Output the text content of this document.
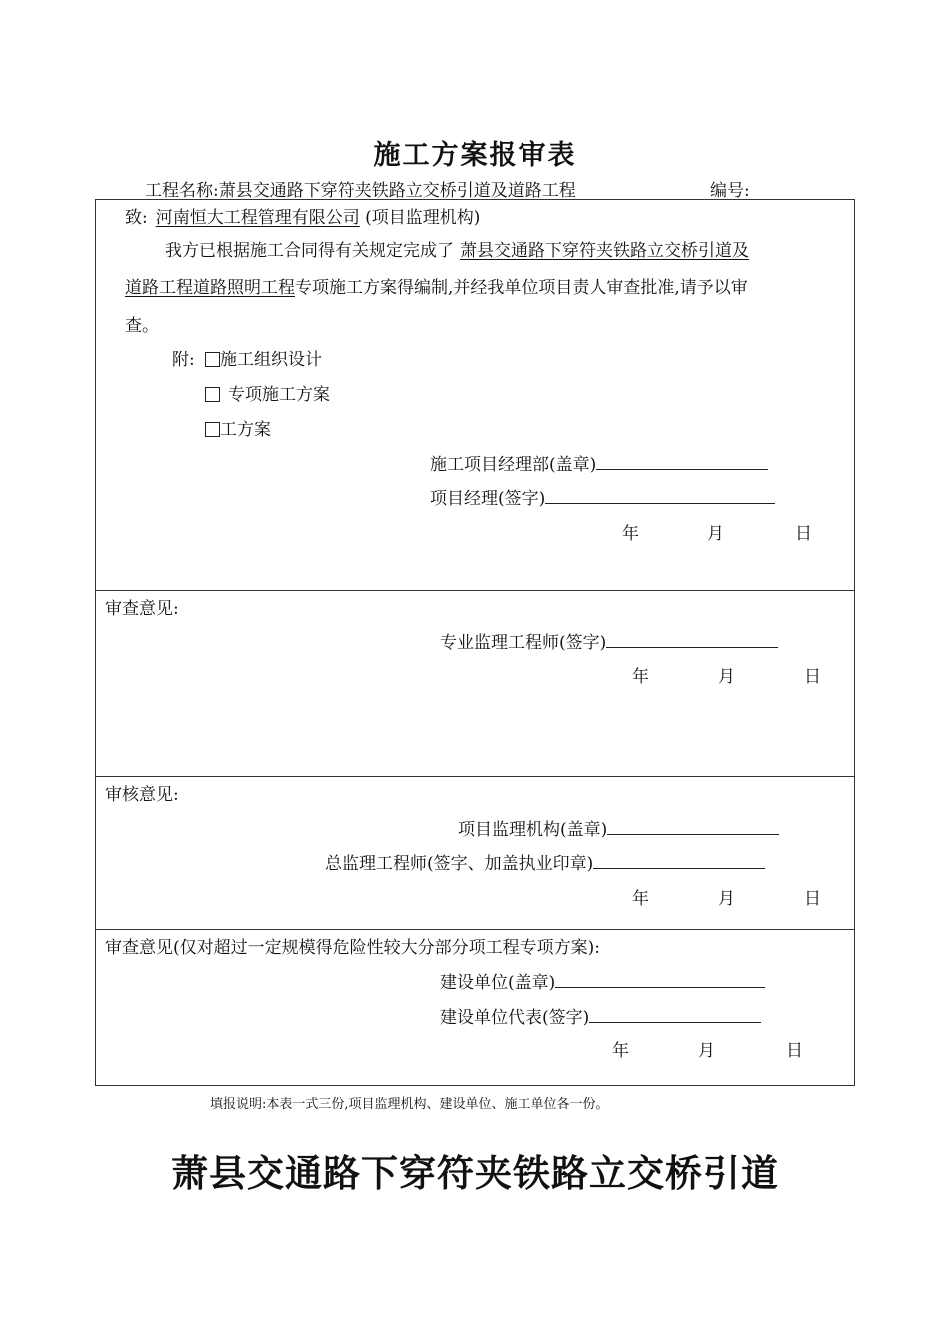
施工方案报审表
工程名称:萧县交通路下穿符夹铁路立交桥引道及道路工程	编号:
致: 河南恒大工程管理有限公司 (项目监理机构)
我方已根据施工合同得有关规定完成了 萧县交通路下穿符夹铁路立交桥引道及
道路工程道路照明工程专项施工方案得编制,并经我单位项目责人审查批准,请予以审
查。
附:	施工组织设计
专项施工方案
工方案
施工项目经理部(盖章)
项目经理(签字)
年	月	日
审查意见:
专业监理工程师(签字)
年	月	日
审核意见:
项目监理机构(盖章)
总监理工程师(签字、加盖执业印章)
年	月	日
审查意见(仅对超过一定规模得危险性较大分部分项工程专项方案):
建设单位(盖章)
建设单位代表(签字)
年	月	日
填报说明:本表一式三份,项目监理机构、建设单位、施工单位各一份。
萧县交通路下穿符夹铁路立交桥引道
